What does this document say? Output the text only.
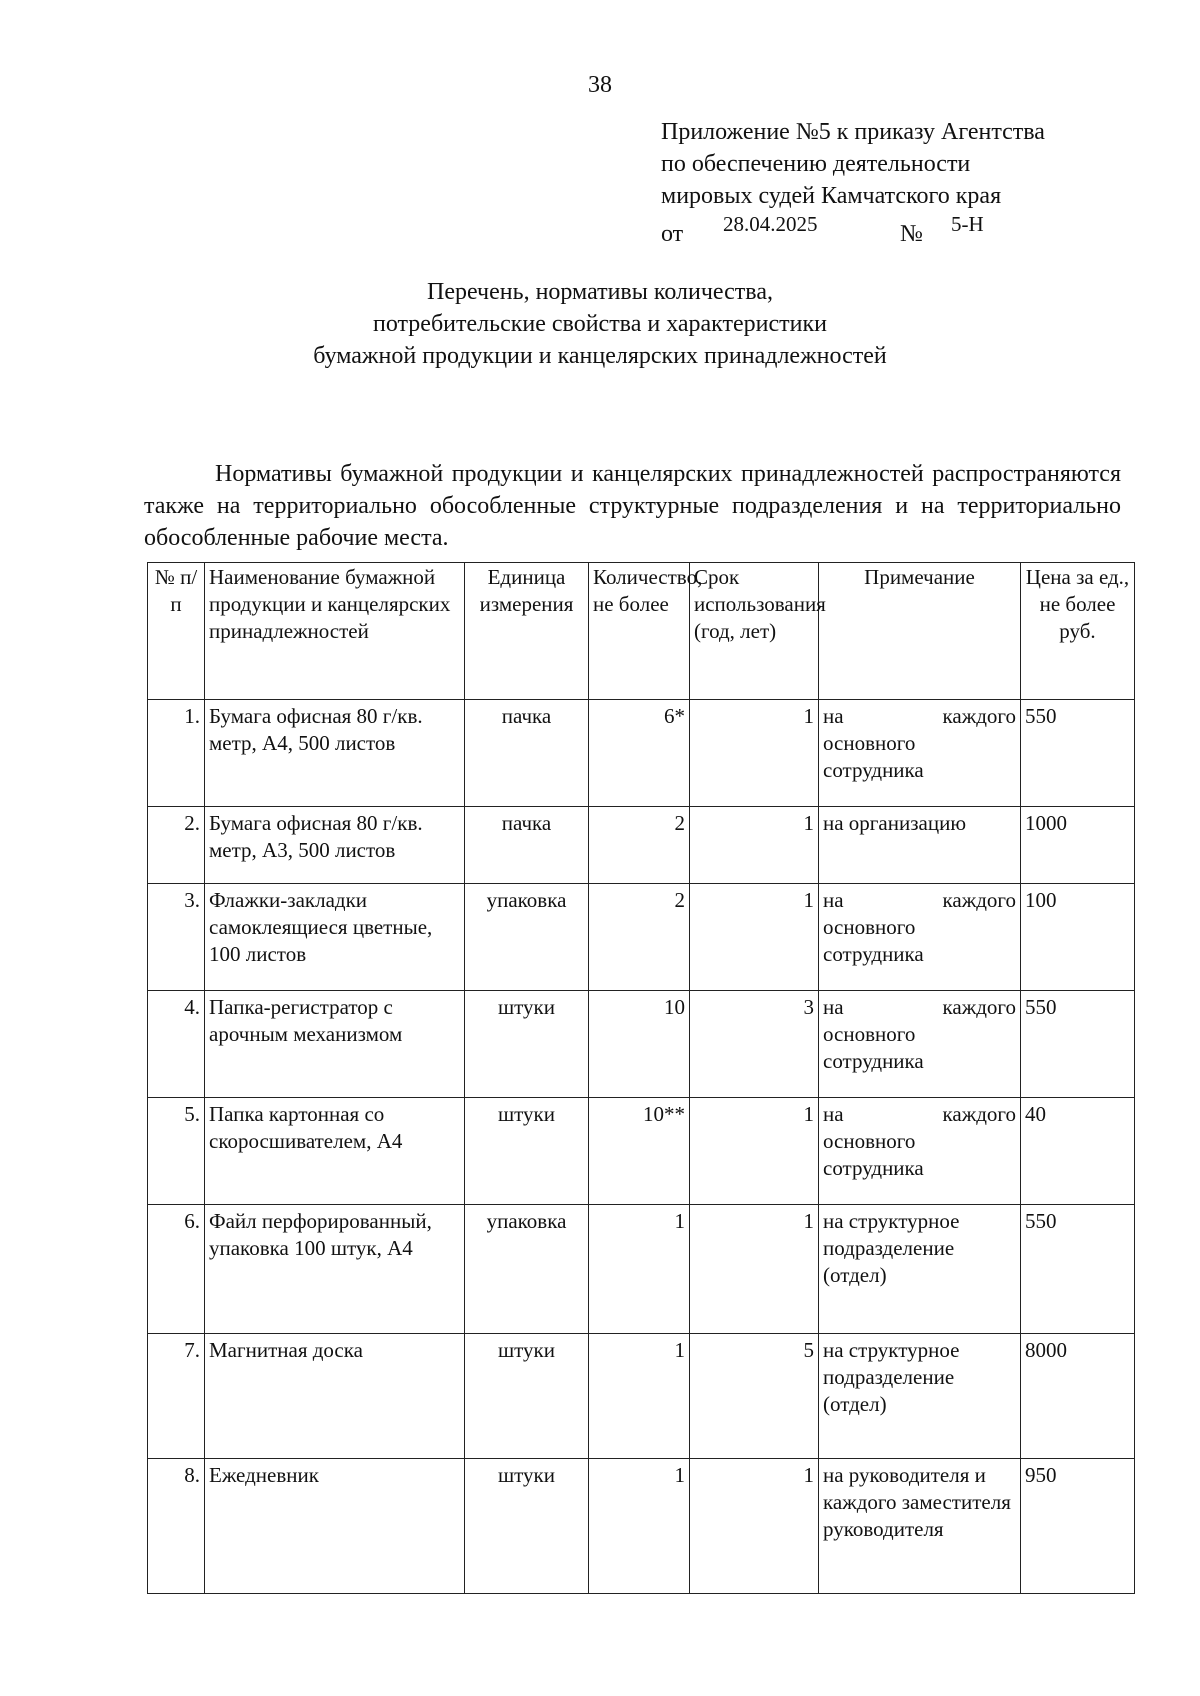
38
Приложение №5 к приказу Агентства
по обеспечению деятельности
мировых судей Камчатского края
от 28.04.2025	№ 5-Н
Перечень, нормативы количества,
потребительские свойства и характеристики
бумажной продукции и канцелярских принадлежностей

Нормативы бумажной продукции и канцелярских принадлежностей распространяются также на территориально обособленные структурные подразделения и на территориально обособленные рабочие места.

№ п/п	Наименование бумажной продукции и канцелярских принадлежностей	Единица измерения	Количество, не более	Срок использования (год, лет)	Примечание	Цена за ед., не более руб.
1.	Бумага офисная 80 г/кв. метр, А4, 500 листов	пачка	6*	1	на каждого основного сотрудника	550
2.	Бумага офисная 80 г/кв. метр, А3, 500 листов	пачка	2	1	на организацию	1000
3.	Флажки-закладки самоклеящиеся цветные, 100 листов	упаковка	2	1	на каждого основного сотрудника	100
4.	Папка-регистратор с арочным механизмом	штуки	10	3	на каждого основного сотрудника	550
5.	Папка картонная со скоросшивателем, А4	штуки	10**	1	на каждого основного сотрудника	40
6.	Файл перфорированный, упаковка 100 штук, А4	упаковка	1	1	на структурное подразделение (отдел)	550
7.	Магнитная доска	штуки	1	5	на структурное подразделение (отдел)	8000
8.	Ежедневник	штуки	1	1	на руководителя и каждого заместителя руководителя	950
